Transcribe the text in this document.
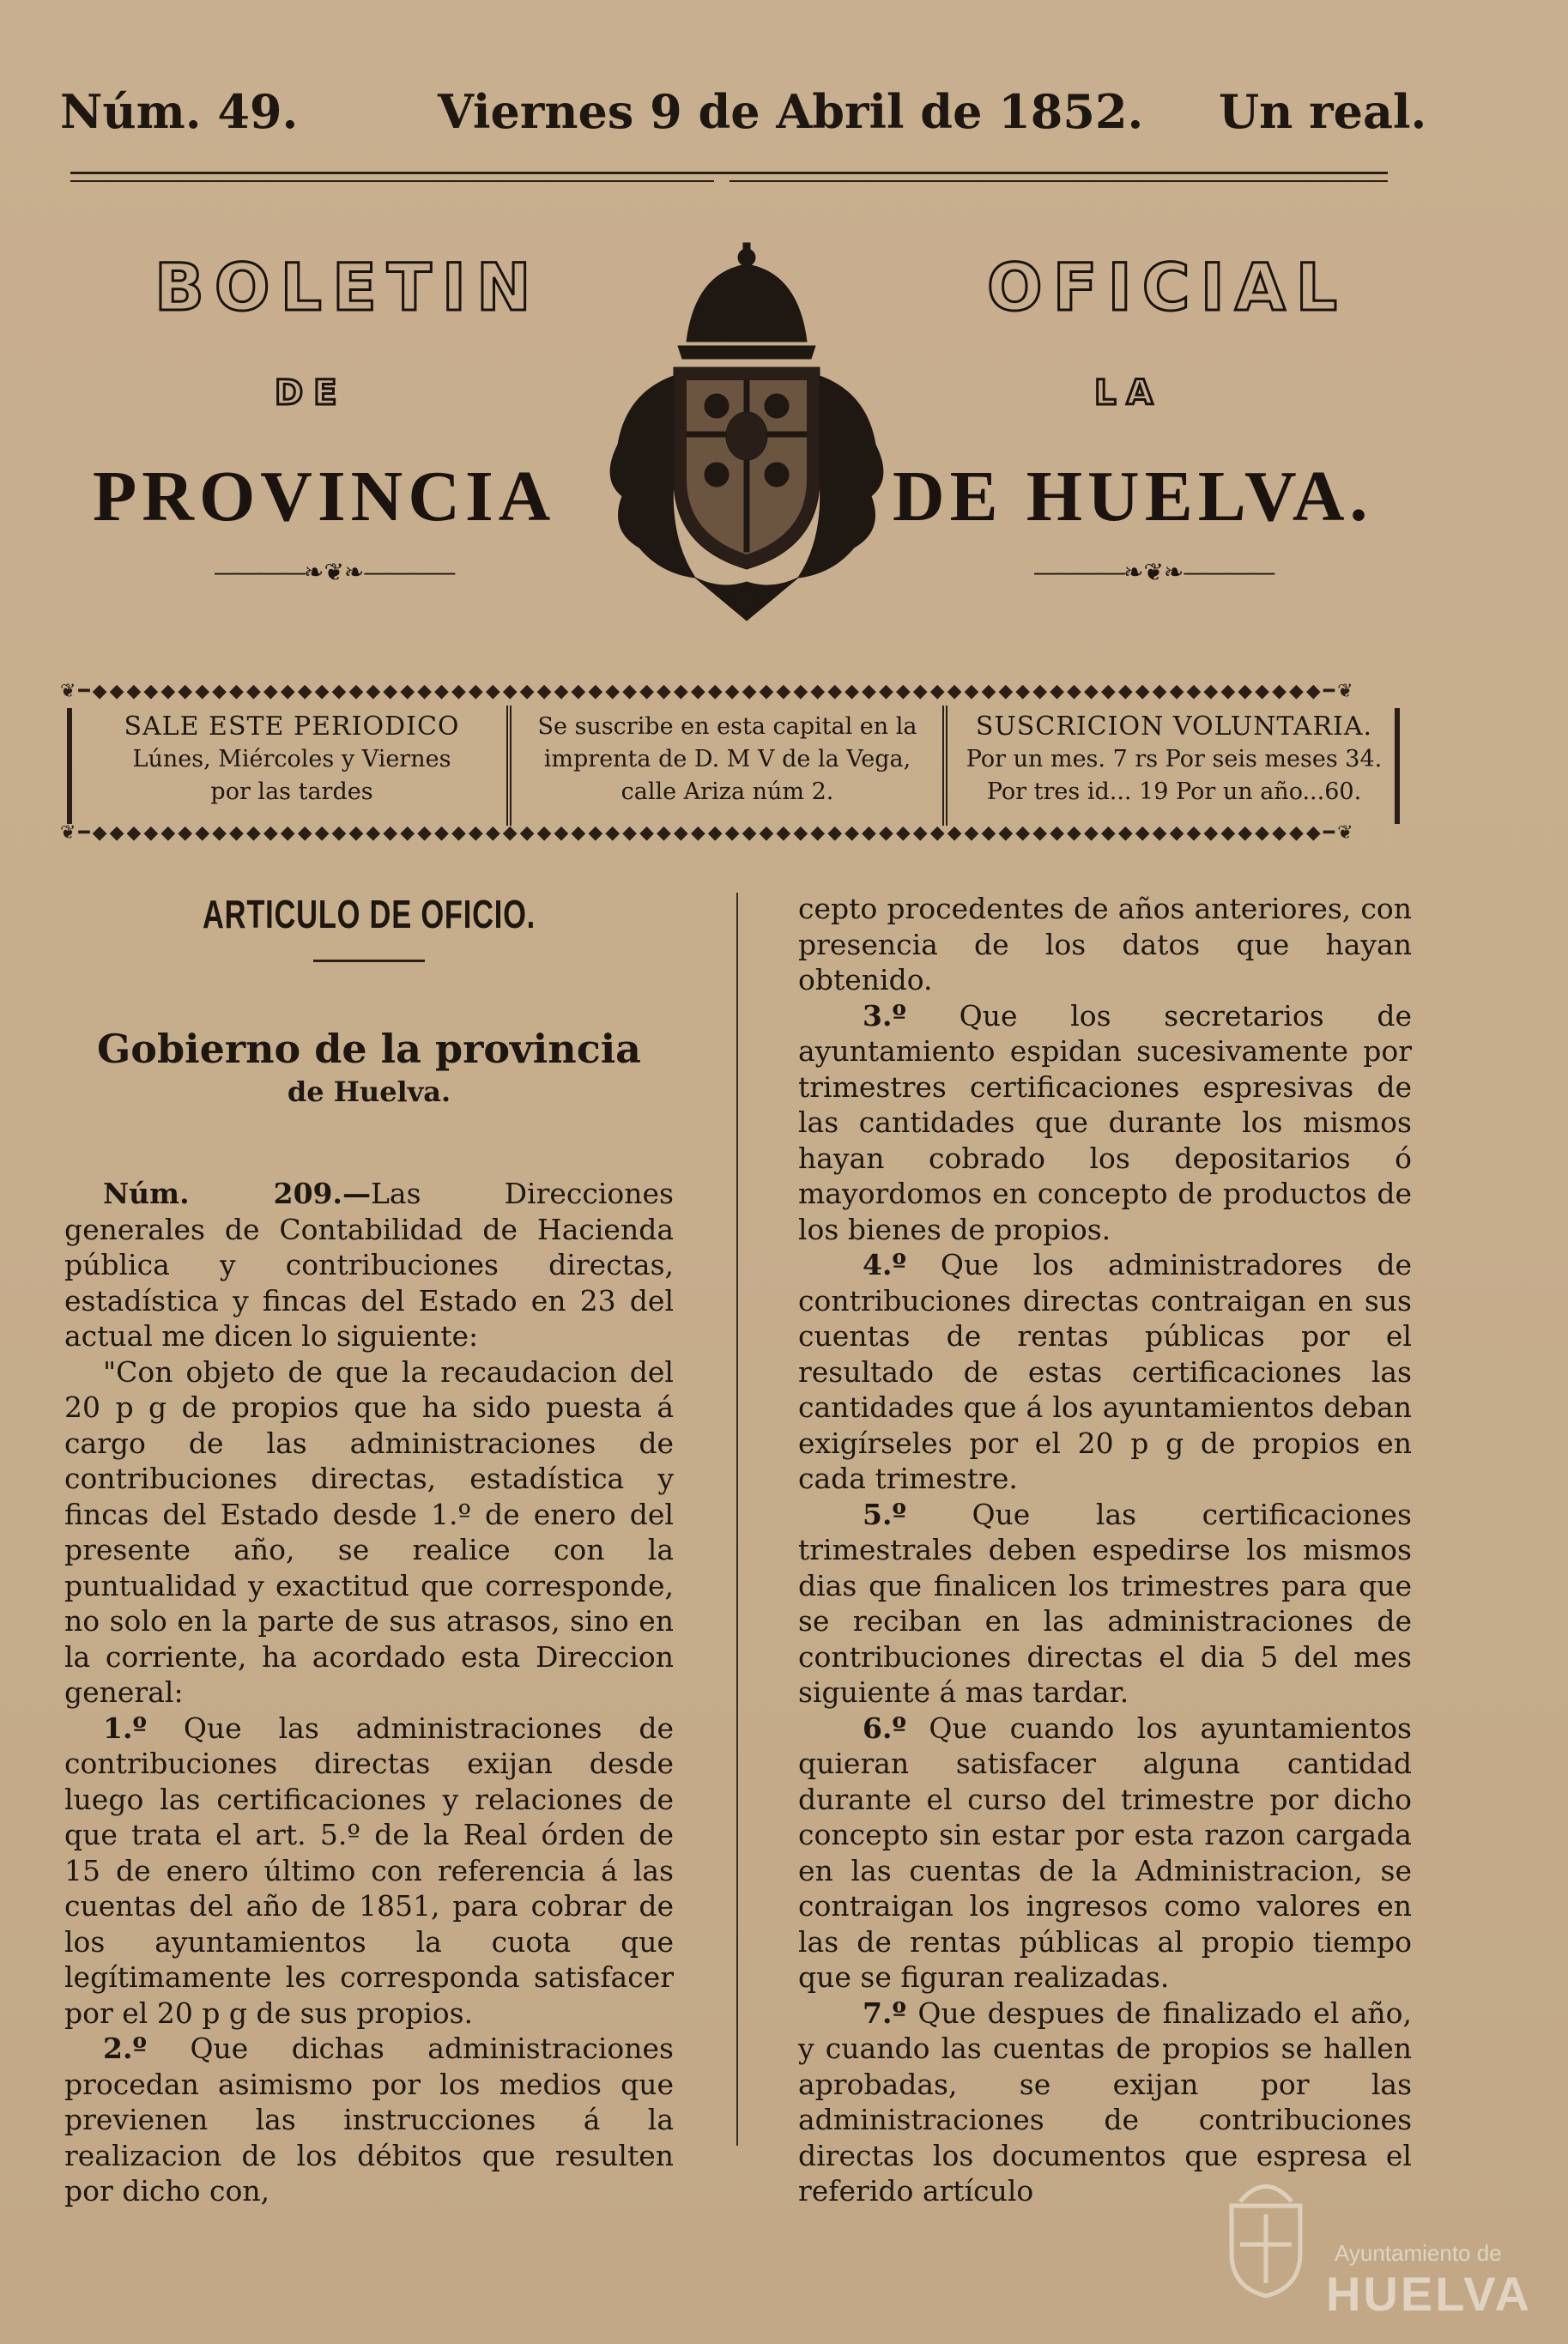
Núm. 49.	Viernes 9 de Abril de 1852. Un real.
BOLETIN	OFICIAL
DE	LA
PROVINCIA	DE HUELVA.
――――❧❦❧――――	――――❧❦❧――――
❦━◆◆◆◆◆◆◆◆◆◆◆◆◆◆◆◆◆◆◆◆◆◆◆◆◆◆◆◆◆◆◆◆◆◆◆◆◆◆◆◆◆◆◆◆◆◆◆◆◆◆◆◆◆◆◆◆◆◆◆◆◆◆◆◆◆◆◆◆◆◆◆◆━❦
❦━◆◆◆◆◆◆◆◆◆◆◆◆◆◆◆◆◆◆◆◆◆◆◆◆◆◆◆◆◆◆◆◆◆◆◆◆◆◆◆◆◆◆◆◆◆◆◆◆◆◆◆◆◆◆◆◆◆◆◆◆◆◆◆◆◆◆◆◆◆◆◆◆━❦
SALE ESTE PERIODICO
Lúnes, Miércoles y Viernes
por las tardes
Se suscribe en esta capital en la
imprenta de D. M V de la Vega,
calle Ariza núm 2.
SUSCRICION VOLUNTARIA.
Por un mes. 7 rs Por seis meses 34.
Por tres id... 19 Por un año...60.
ARTICULO DE OFICIO.
Gobierno de la provincia
de Huelva.

Núm. 209.—Las Direcciones generales de Contabilidad de Hacienda pública y contribuciones directas, estadística y fincas del Estado en 23 del actual me dicen lo siguiente:

"Con objeto de que la recaudacion del 20 p g de propios que ha sido puesta á cargo de las administraciones de contribuciones directas, estadística y fincas del Estado desde 1.º de enero del presente año, se realice con la puntualidad y exactitud que corresponde, no solo en la parte de sus atrasos, sino en la corriente, ha acordado esta Direccion general:

1.º Que las administraciones de contribuciones directas exijan desde luego las certificaciones y relaciones de que trata el art. 5.º de la Real órden de 15 de enero último con referencia á las cuentas del año de 1851, para cobrar de los ayuntamientos la cuota que legítimamente les corresponda satisfacer por el 20 p g de sus propios.

2.º Que dichas administraciones procedan asimismo por los medios que previenen las instrucciones á la realizacion de los débitos que resulten por dicho con,

cepto procedentes de años anteriores, con presencia de los datos que hayan obtenido.

3.º Que los secretarios de ayuntamiento espidan sucesivamente por trimestres certificaciones espresivas de las cantidades que durante los mismos hayan cobrado los depositarios ó mayordomos en concepto de productos de los bienes de propios.

4.º Que los administradores de contribuciones directas contraigan en sus cuentas de rentas públicas por el resultado de estas certificaciones las cantidades que á los ayuntamientos deban exigírseles por el 20 p g de propios en cada trimestre.

5.º Que las certificaciones trimestrales deben espedirse los mismos dias que finalicen los trimestres para que se reciban en las administraciones de contribuciones directas el dia 5 del mes siguiente á mas tardar.

6.º Que cuando los ayuntamientos quieran satisfacer alguna cantidad durante el curso del trimestre por dicho concepto sin estar por esta razon cargada en las cuentas de la Administracion, se contraigan los ingresos como valores en las de rentas públicas al propio tiempo que se figuran realizadas.

7.º Que despues de finalizado el año, y cuando las cuentas de propios se hallen aprobadas, se exijan por las administraciones de contribuciones directas los documentos que espresa el referido artículo

Ayuntamiento de
HUELVA
